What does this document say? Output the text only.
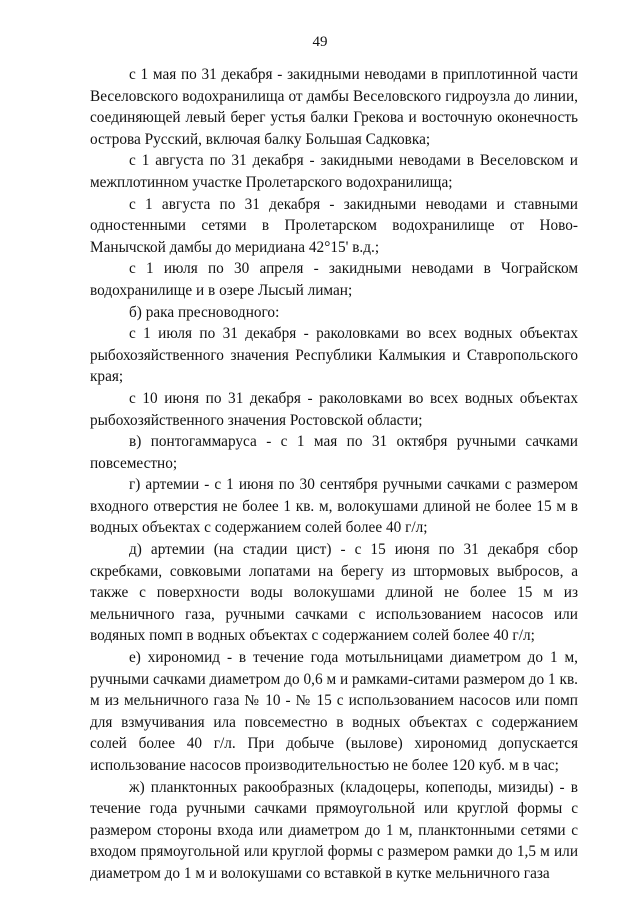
49

с 1 мая по 31 декабря - закидными неводами в приплотинной части Веселовского водохранилища от дамбы Веселовского гидроузла до линии, соединяющей левый берег устья балки Грекова и восточную оконечность острова Русский, включая балку Большая Садковка;

с 1 августа по 31 декабря - закидными неводами в Веселовском и межплотинном участке Пролетарского водохранилища;

с 1 августа по 31 декабря - закидными неводами и ставными одностенными сетями в Пролетарском водохранилище от Ново-Манычской дамбы до меридиана 42°15' в.д.;

с 1 июля по 30 апреля - закидными неводами в Чограйском водохранилище и в озере Лысый лиман;

б) рака пресноводного:

с 1 июля по 31 декабря - раколовками во всех водных объектах рыбохозяйственного значения Республики Калмыкия и Ставропольского края;

с 10 июня по 31 декабря - раколовками во всех водных объектах рыбохозяйственного значения Ростовской области;

в) понтогаммаруса - с 1 мая по 31 октября ручными сачками повсеместно;

г) артемии - с 1 июня по 30 сентября ручными сачками с размером входного отверстия не более 1 кв. м, волокушами длиной не более 15 м в водных объектах с содержанием солей более 40 г/л;

д) артемии (на стадии цист) - с 15 июня по 31 декабря сбор скребками, совковыми лопатами на берегу из штормовых выбросов, а также с поверхности воды волокушами длиной не более 15 м из мельничного газа, ручными сачками с использованием насосов или водяных помп в водных объектах с содержанием солей более 40 г/л;

е) хирономид - в течение года мотыльницами диаметром до 1 м, ручными сачками диаметром до 0,6 м и рамками-ситами размером до 1 кв. м из мельничного газа № 10 - № 15 с использованием насосов или помп для взмучивания ила повсеместно в водных объектах с содержанием солей более 40 г/л. При добыче (вылове) хирономид допускается использование насосов производительностью не более 120 куб. м в час;

ж) планктонных ракообразных (кладоцеры, копеподы, мизиды) - в течение года ручными сачками прямоугольной или круглой формы с размером стороны входа или диаметром до 1 м, планктонными сетями с входом прямоугольной или круглой формы с размером рамки до 1,5 м или диаметром до 1 м и волокушами со вставкой в кутке мельничного газа
